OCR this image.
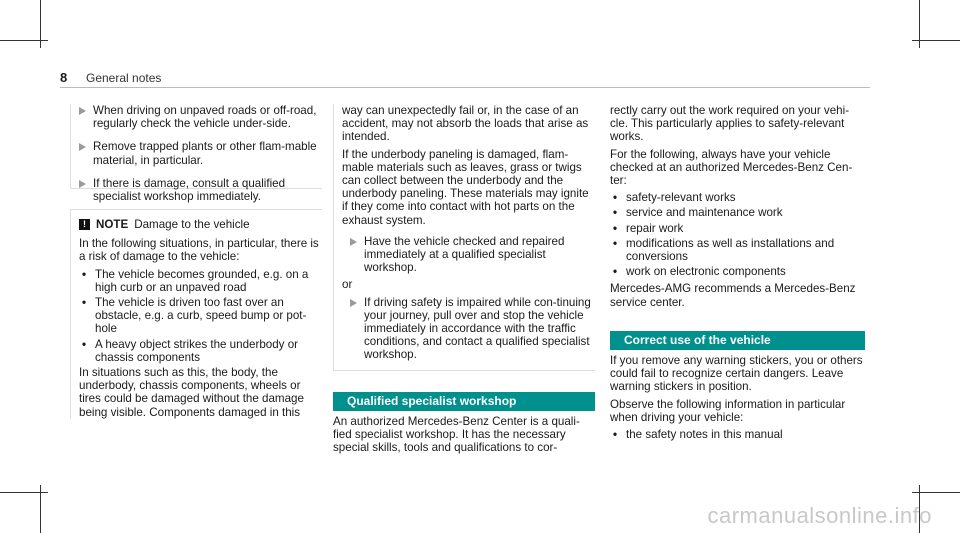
8 General notes
When driving on unpaved roads or off-road, regularly check the vehicle under-side.
Remove trapped plants or other flam-mable material, in particular.
If there is damage, consult a qualified specialist workshop immediately.
! NOTE Damage to the vehicle

In the following situations, in particular, there is a risk of damage to the vehicle:

• The vehicle becomes grounded, e.g. on a high curb or an unpaved road
• The vehicle is driven too fast over an obstacle, e.g. a curb, speed bump or pot-hole
• A heavy object strikes the underbody or chassis components

In situations such as this, the body, the underbody, chassis components, wheels or tires could be damaged without the damage being visible. Components damaged in this

way can unexpectedly fail or, in the case of an accident, may not absorb the loads that arise as intended.

If the underbody paneling is damaged, flam-mable materials such as leaves, grass or twigs can collect between the underbody and the underbody paneling. These materials may ignite if they come into contact with hot parts on the exhaust system.

Have the vehicle checked and repaired immediately at a qualified specialist workshop.

or

If driving safety is impaired while con-tinuing your journey, pull over and stop the vehicle immediately in accordance with the traffic conditions, and contact a qualified specialist workshop.
Qualified specialist workshop

An authorized Mercedes-Benz Center is a quali-fied specialist workshop. It has the necessary special skills, tools and qualifications to cor-

rectly carry out the work required on your vehi-cle. This particularly applies to safety-relevant works.

For the following, always have your vehicle checked at an authorized Mercedes-Benz Cen-ter:

• safety-relevant works
• service and maintenance work
• repair work
• modifications as well as installations and conversions
• work on electronic components

Mercedes-AMG recommends a Mercedes-Benz service center.

Correct use of the vehicle

If you remove any warning stickers, you or others could fail to recognize certain dangers. Leave warning stickers in position.

Observe the following information in particular when driving your vehicle:

• the safety notes in this manual
carmanualsonline.info
